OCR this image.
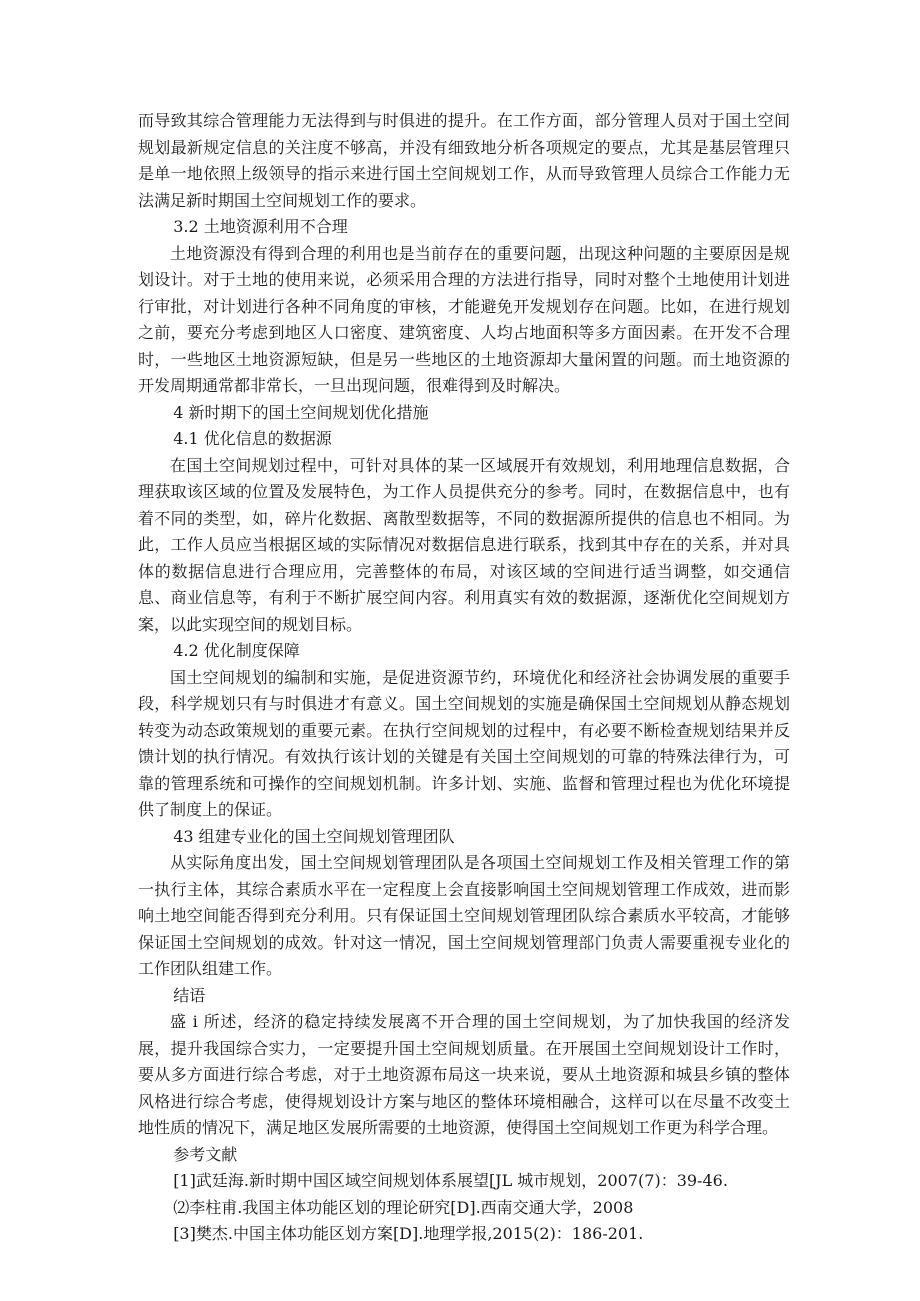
而导致其综合管理能力无法得到与时俱进的提升。在工作方面，部分管理人员对于国土空间规划最新规定信息的关注度不够高，并没有细致地分析各项规定的要点，尤其是基层管理只是单一地依照上级领导的指示来进行国土空间规划工作，从而导致管理人员综合工作能力无法满足新时期国土空间规划工作的要求。

3.2 土地资源利用不合理

土地资源没有得到合理的利用也是当前存在的重要问题，出现这种问题的主要原因是规划设计。对于土地的使用来说，必须采用合理的方法进行指导，同时对整个土地使用计划进行审批，对计划进行各种不同角度的审核，才能避免开发规划存在问题。比如，在进行规划之前，要充分考虑到地区人口密度、建筑密度、人均占地面积等多方面因素。在开发不合理时，一些地区土地资源短缺，但是另一些地区的土地资源却大量闲置的问题。而土地资源的开发周期通常都非常长，一旦出现问题，很难得到及时解决。

4 新时期下的国土空间规划优化措施

4.1 优化信息的数据源

在国土空间规划过程中，可针对具体的某一区域展开有效规划，利用地理信息数据，合理获取该区域的位置及发展特色，为工作人员提供充分的参考。同时，在数据信息中，也有着不同的类型，如，碎片化数据、离散型数据等，不同的数据源所提供的信息也不相同。为此，工作人员应当根据区域的实际情况对数据信息进行联系，找到其中存在的关系，并对具体的数据信息进行合理应用，完善整体的布局，对该区域的空间进行适当调整，如交通信息、商业信息等，有利于不断扩展空间内容。利用真实有效的数据源，逐渐优化空间规划方案，以此实现空间的规划目标。

4.2 优化制度保障

国土空间规划的编制和实施，是促进资源节约，环境优化和经济社会协调发展的重要手段，科学规划只有与时俱进才有意义。国土空间规划的实施是确保国土空间规划从静态规划转变为动态政策规划的重要元素。在执行空间规划的过程中，有必要不断检查规划结果并反馈计划的执行情况。有效执行该计划的关键是有关国土空间规划的可靠的特殊法律行为，可靠的管理系统和可操作的空间规划机制。许多计划、实施、监督和管理过程也为优化环境提供了制度上的保证。

43 组建专业化的国土空间规划管理团队

从实际角度出发，国土空间规划管理团队是各项国土空间规划工作及相关管理工作的第一执行主体，其综合素质水平在一定程度上会直接影响国土空间规划管理工作成效，进而影响土地空间能否得到充分利用。只有保证国土空间规划管理团队综合素质水平较高，才能够保证国土空间规划的成效。针对这一情况，国土空间规划管理部门负责人需要重视专业化的工作团队组建工作。

结语

盛 i 所述，经济的稳定持续发展离不开合理的国土空间规划，为了加快我国的经济发展，提升我国综合实力，一定要提升国土空间规划质量。在开展国土空间规划设计工作时，要从多方面进行综合考虑，对于土地资源布局这一块来说，要从土地资源和城县乡镇的整体风格进行综合考虑，使得规划设计方案与地区的整体环境相融合，这样可以在尽量不改变土地性质的情况下，满足地区发展所需要的土地资源，使得国土空间规划工作更为科学合理。

参考文献

[1]武廷海.新时期中国区域空间规划体系展望[JL 城市规划，2007(7)：39-46.

⑵李柱甫.我国主体功能区划的理论研究[D].西南交通大学，2008

[3]樊杰.中国主体功能区划方案[D].地理学报,2015(2)：186-201.
